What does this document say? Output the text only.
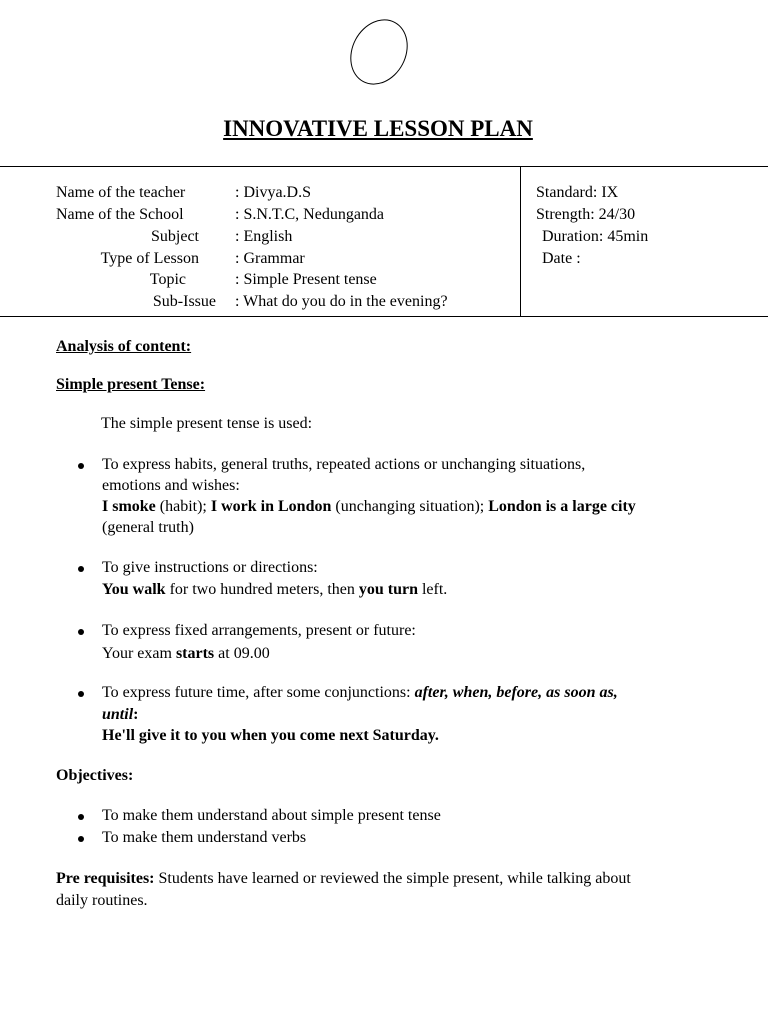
INNOVATIVE LESSON PLAN
Name of the teacher	: Divya.D.S
Name of the School	: S.N.T.C, Nedunganda
Subject : English
Type of Lesson : Grammar
Topic	: Simple Present tense
Sub-Issue : What do you do in the evening?
Standard: IX
Strength: 24/30
Duration: 45min
Date :
Analysis of content:
Simple present Tense:
The simple present tense is used:
To express habits, general truths, repeated actions or unchanging situations,
emotions and wishes:
I smoke (habit); I work in London (unchanging situation); London is a large city
(general truth)
To give instructions or directions:
You walk for two hundred meters, then you turn left.
To express fixed arrangements, present or future:
Your exam starts at 09.00
To express future time, after some conjunctions: after, when, before, as soon as,
until:
He'll give it to you when you come next Saturday.
Objectives:
To make them understand about simple present tense
To make them understand verbs
Pre requisites: Students have learned or reviewed the simple present, while talking about
daily routines.
